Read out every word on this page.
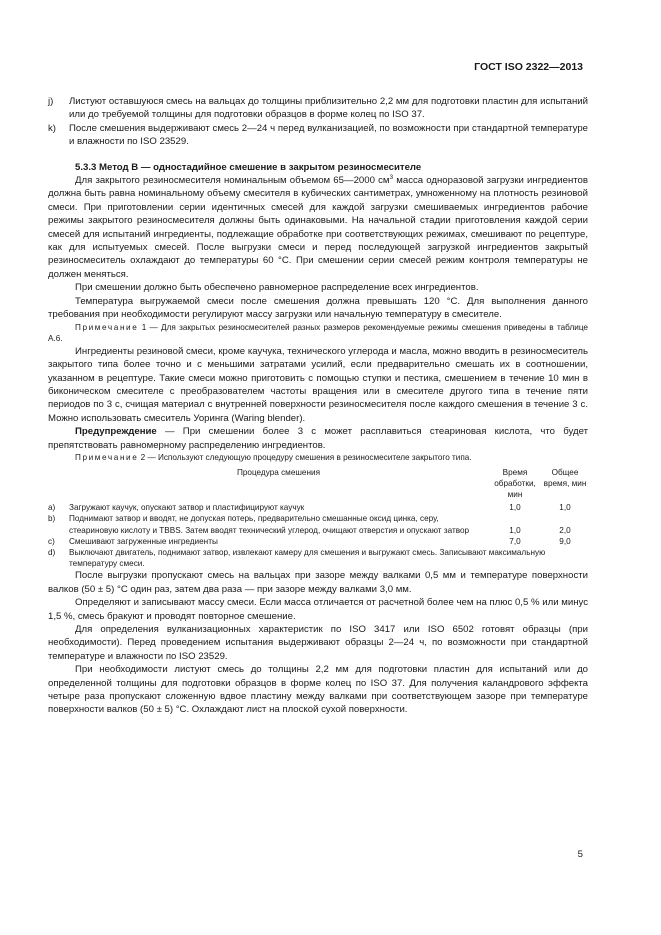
ГОСТ ISO 2322—2013
j)	Листуют оставшуюся смесь на вальцах до толщины приблизительно 2,2 мм для подготовки пластин для испытаний или до требуемой толщины для подготовки образцов в форме колец по ISO 37.
k)	После смешения выдерживают смесь 2—24 ч перед вулканизацией, по возможности при стандартной температуре и влажности по ISO 23529.
5.3.3 Метод В — одностадийное смешение в закрытом резиносмесителе

Для закрытого резиносмесителя номинальным объемом 65—2000 $см^3$ масса одноразовой загрузки ингредиентов должна быть равна номинальному объему смесителя в кубических сантиметрах, умноженному на плотность резиновой смеси. При приготовлении серии идентичных смесей для каждой загрузки смешиваемых ингредиентов рабочие режимы закрытого резиносмесителя должны быть одинаковыми. На начальной стадии приготовления каждой серии смесей для испытаний ингредиенты, подлежащие обработке при соответствующих режимах, смешивают по рецептуре, как для испытуемых смесей. После выгрузки смеси и перед последующей загрузкой ингредиентов закрытый резиносмеситель охлаждают до температуры 60 °С. При смешении серии смесей режим контроля температуры не должен меняться.

При смешении должно быть обеспечено равномерное распределение всех ингредиентов.

Температура выгружаемой смеси после смешения должна превышать 120 °С. Для выполнения данного требования при необходимости регулируют массу загрузки или начальную температуру в смесителе.

Примечание 1 — Для закрытых резиносмесителей разных размеров рекомендуемые режимы смешения приведены в таблице А.6.

Ингредиенты резиновой смеси, кроме каучука, технического углерода и масла, можно вводить в резиносмеситель закрытого типа более точно и с меньшими затратами усилий, если предварительно смешать их в соотношении, указанном в рецептуре. Такие смеси можно приготовить с помощью ступки и пестика, смешением в течение 10 мин в биконическом смесителе с преобразователем частоты вращения или в смесителе другого типа в течение пяти периодов по 3 с, счищая материал с внутренней поверхности резиносмесителя после каждого смешения в течение 3 с. Можно использовать смеситель Уоринга (Waring blender).

Предупреждение — При смешении более 3 с может расплавиться стеариновая кислота, что будет препятствовать равномерному распределению ингредиентов.

Примечание 2 — Используют следующую процедуру смешения в резиносмесителе закрытого типа.

	Процедура смешения	Время обработки, мин	Общее время, мин
a)	Загружают каучук, опускают затвор и пластифицируют каучук	1,0	1,0
b)	Поднимают затвор и вводят, не допуская потерь, предварительно смешанные оксид цинка, серу, стеариновую кислоту и TBBS. Затем вводят технический углерод, очищают отверстия и опускают затвор	1,0	2,0
c)	Смешивают загруженные ингредиенты	7,0	9,0
d)	Выключают двигатель, поднимают затвор, извлекают камеру для смешения и выгружают смесь. Записывают максимальную температуру смеси.		

После выгрузки пропускают смесь на вальцах при зазоре между валками 0,5 мм и температуре поверхности валков (50 ± 5) °С один раз, затем два раза — при зазоре между валками 3,0 мм.

Определяют и записывают массу смеси. Если масса отличается от расчетной более чем на плюс 0,5 % или минус 1,5 %, смесь бракуют и проводят повторное смешение.

Для определения вулканизационных характеристик по ISO 3417 или ISO 6502 готовят образцы (при необходимости). Перед проведением испытания выдерживают образцы 2—24 ч, по возможности при стандартной температуре и влажности по ISO 23529.

При необходимости листуют смесь до толщины 2,2 мм для подготовки пластин для испытаний или до определенной толщины для подготовки образцов в форме колец по ISO 37. Для получения каландрового эффекта четыре раза пропускают сложенную вдвое пластину между валками при соответствующем зазоре при температуре поверхности валков (50 ± 5) °С. Охлаждают лист на плоской сухой поверхности.

5
